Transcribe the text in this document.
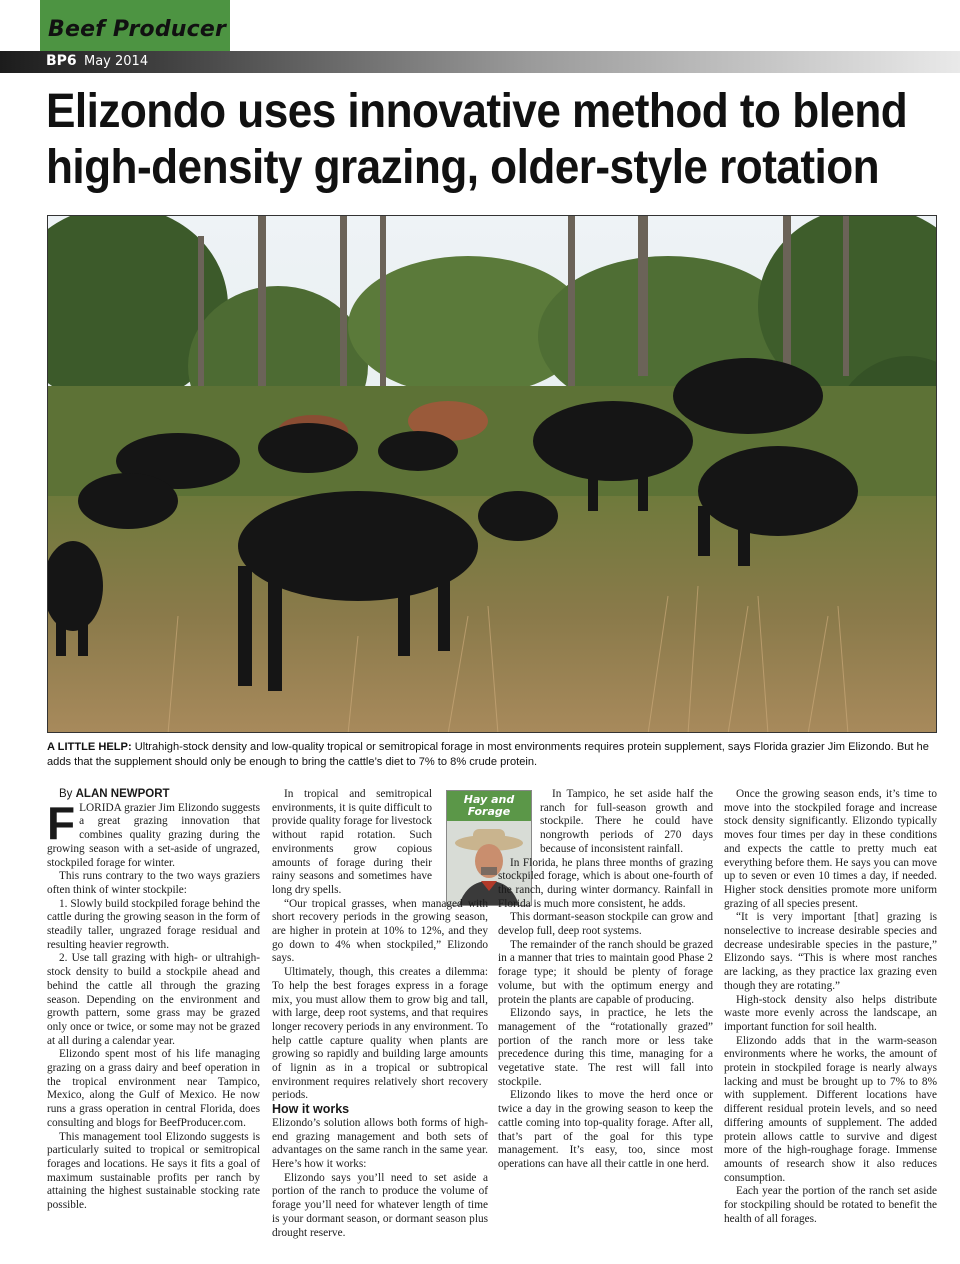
Beef Producer
BP6 May 2014
Elizondo uses innovative method to blend high-density grazing, older-style rotation

A LITTLE HELP: Ultrahigh-stock density and low-quality tropical or semitropical forage in most environments requires protein supplement, says Florida grazier Jim Elizondo. But he adds that the supplement should only be enough to bring the cattle’s diet to 7% to 8% crude protein.

By ALAN NEWPORT

FLORIDA grazier Jim Elizondo suggests a great grazing innovation that combines quality grazing during the growing season with a set-aside of ungrazed, stockpiled forage for winter.

This runs contrary to the two ways graziers often think of winter stockpile:

1. Slowly build stockpiled forage behind the cattle during the growing season in the form of steadily taller, ungrazed forage residual and resulting heavier regrowth.

2. Use tall grazing with high- or ultrahigh-stock density to build a stockpile ahead and behind the cattle all through the grazing season. Depending on the environment and growth pattern, some grass may be grazed only once or twice, or some may not be grazed at all during a calendar year.

Elizondo spent most of his life managing grazing on a grass dairy and beef operation in the tropical environment near Tampico, Mexico, along the Gulf of Mexico. He now runs a grass operation in central Florida, does consulting and blogs for BeefProducer.com.

This management tool Elizondo suggests is particularly suited to tropical or semitropical forages and locations. He says it fits a goal of maximum sustainable profits per ranch by attaining the highest sustainable stocking rate possible.

Hay and Forage

In tropical and semitropical environments, it is quite difficult to provide quality forage for livestock without rapid rotation. Such environments grow copious amounts of forage during their rainy seasons and sometimes have long dry spells.

“Our tropical grasses, when managed with short recovery periods in the growing season, are higher in protein at 10% to 12%, and they go down to 4% when stockpiled,” Elizondo says.

Ultimately, though, this creates a dilemma: To help the best forages express in a forage mix, you must allow them to grow big and tall, with large, deep root systems, and that requires longer recovery periods in any environment. To help cattle capture quality when plants are growing so rapidly and building large amounts of lignin as in a tropical or subtropical environment requires relatively short recovery periods.

How it works

Elizondo’s solution allows both forms of high-end grazing management and both sets of advantages on the same ranch in the same year. Here’s how it works:

Elizondo says you’ll need to set aside a portion of the ranch to produce the volume of forage you’ll need for whatever length of time is your dormant season, or dormant season plus drought reserve.

In Tampico, he set aside half the ranch for full-season growth and stockpile. There he could have nongrowth periods of 270 days because of inconsistent rainfall.

In Florida, he plans three months of grazing stockpiled forage, which is about one-fourth of the ranch, during winter dormancy. Rainfall in Florida is much more consistent, he adds.

This dormant-season stockpile can grow and develop full, deep root systems.

The remainder of the ranch should be grazed in a manner that tries to maintain good Phase 2 forage type; it should be plenty of forage volume, but with the optimum energy and protein the plants are capable of producing.

Elizondo says, in practice, he lets the management of the “rotationally grazed” portion of the ranch more or less take precedence during this time, managing for a vegetative state. The rest will fall into stockpile.

Elizondo likes to move the herd once or twice a day in the growing season to keep the cattle coming into top-quality forage. After all, that’s part of the goal for this type management. It’s easy, too, since most operations can have all their cattle in one herd.

Once the growing season ends, it’s time to move into the stockpiled forage and increase stock density significantly. Elizondo typically moves four times per day in these conditions and expects the cattle to pretty much eat everything before them. He says you can move up to seven or even 10 times a day, if needed. Higher stock densities promote more uniform grazing of all species present.

“It is very important [that] grazing is nonselective to increase desirable species and decrease undesirable species in the pasture,” Elizondo says. “This is where most ranches are lacking, as they practice lax grazing even though they are rotating.”

High-stock density also helps distribute waste more evenly across the landscape, an important function for soil health.

Elizondo adds that in the warm-season environments where he works, the amount of protein in stockpiled forage is nearly always lacking and must be brought up to 7% to 8% with supplement. Different locations have different residual protein levels, and so need differing amounts of supplement. The added protein allows cattle to survive and digest more of the high-roughage forage. Immense amounts of research show it also reduces consumption.

Each year the portion of the ranch set aside for stockpiling should be rotated to benefit the health of all forages.
